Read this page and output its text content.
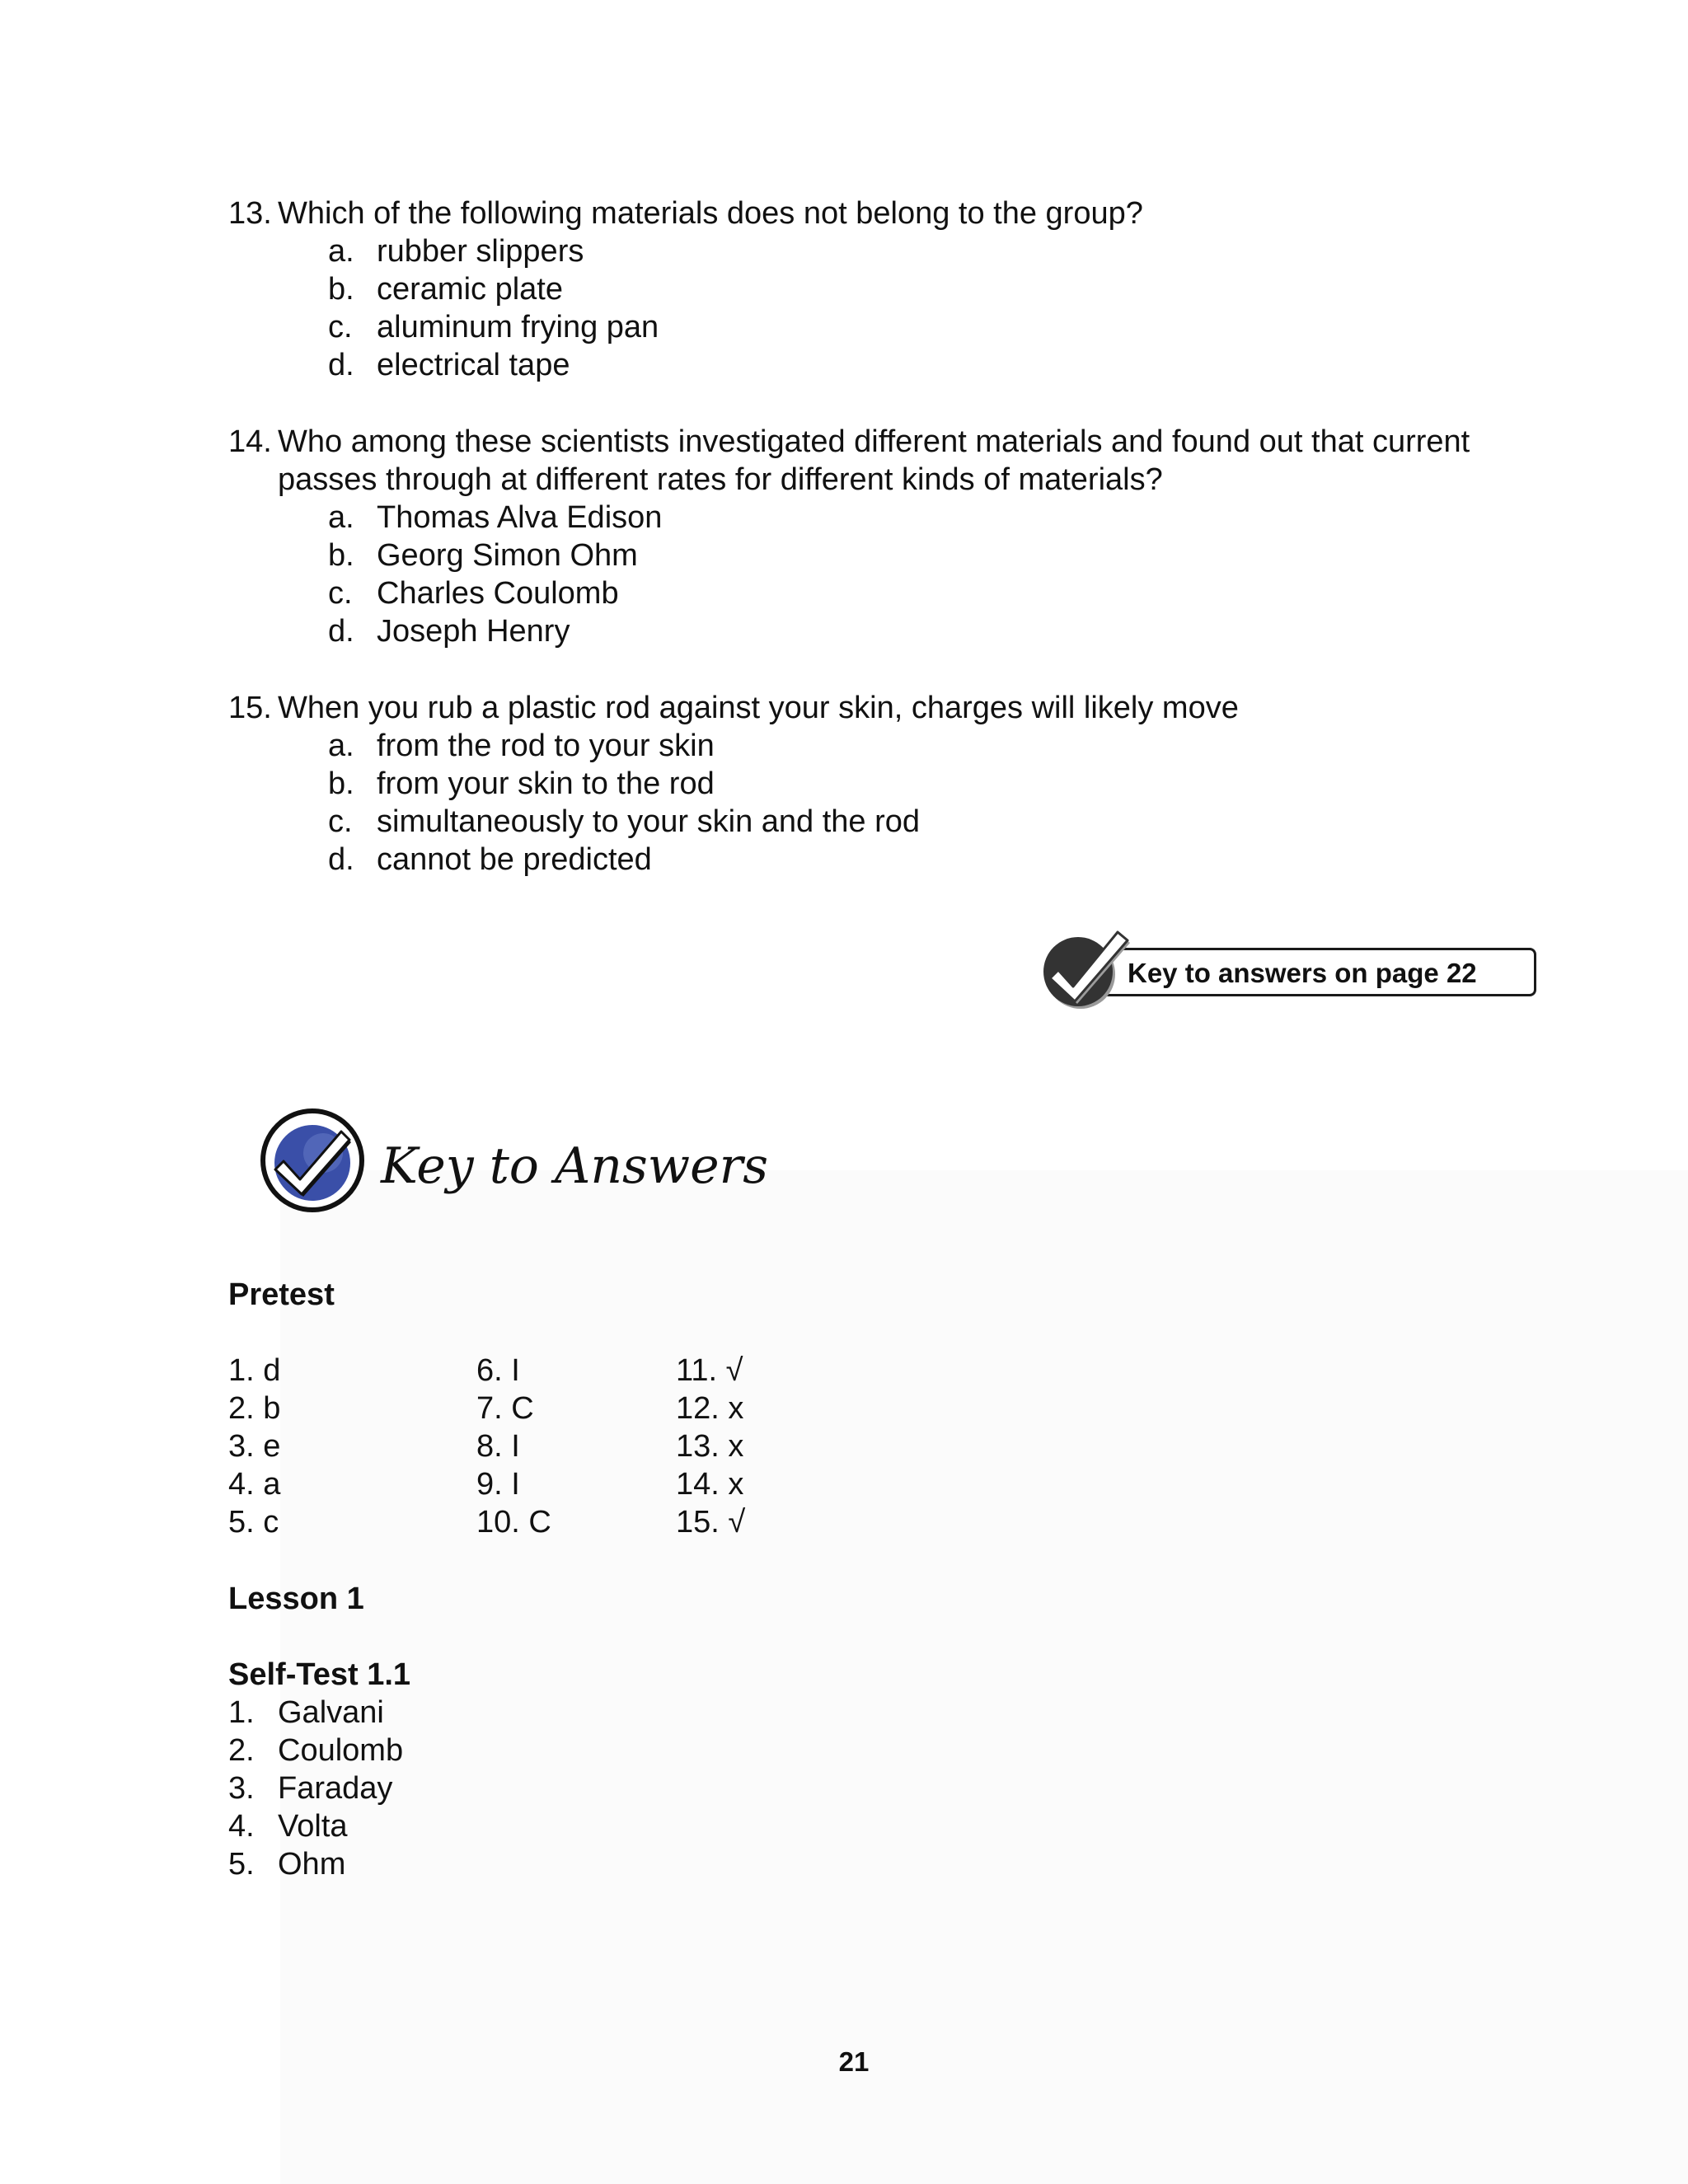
13. Which of the following materials does not belong to the group?
a. rubber slippers
b. ceramic plate
c. aluminum frying pan
d. electrical tape
14. Who among these scientists investigated different materials and found out that current passes through at different rates for different kinds of materials?
a. Thomas Alva Edison
b. Georg Simon Ohm
c. Charles Coulomb
d. Joseph Henry
15. When you rub a plastic rod against your skin, charges will likely move
a. from the rod to your skin
b. from your skin to the rod
c. simultaneously to your skin and the rod
d. cannot be predicted
Key to answers on page 22
Key to Answers
Pretest
1. d
2. b
3. e
4. a
5. c
6. I
7. C
8. I
9. I
10. C
11. √
12. x
13. x
14. x
15. √
Lesson 1
Self-Test 1.1
1. Galvani
2. Coulomb
3. Faraday
4. Volta
5. Ohm
21
